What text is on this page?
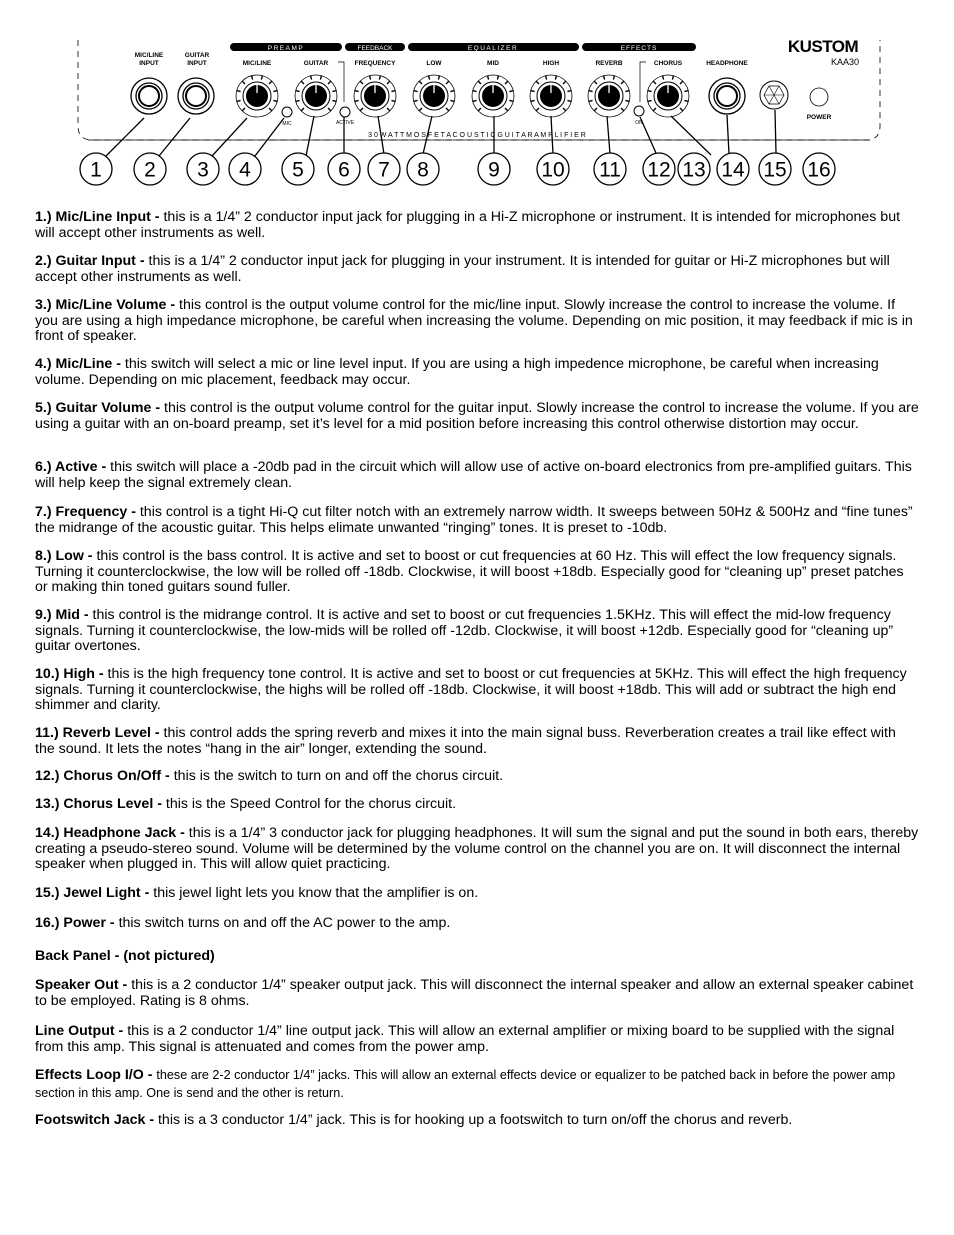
KUSTOM
KAA30
PREAMP	FEEDBACK	EQUALIZER	EFFECTS
MIC/LINE INPUT
GUITAR INPUT	MIC/LINE	GUITAR	FREQUENCY	LOW	MID	HIGH	REVERB	CHORUS	HEADPHONE
MIC	ACTIVE	ON
POWER
3 0 W A T T M O S F E T A C O U S T I C G U I T A R A M P L I F I E R
1 2 3 4 5 6 7 8	9 10 11 12 13 14 15 16

1.) Mic/Line Input - this is a 1/4” 2 conductor input jack for plugging in a Hi-Z microphone or instrument. It is intended for microphones but will accept other instruments as well.

2.) Guitar Input - this is a 1/4” 2 conductor input jack for plugging in your instrument. It is intended for guitar or Hi-Z microphones but will accept other instruments as well.

3.) Mic/Line Volume - this control is the output volume control for the mic/line input. Slowly increase the control to increase the volume. If you are using a high impedance microphone, be careful when increasing the volume. Depending on mic position, it may feedback if mic is in front of speaker.

4.) Mic/Line - this switch will select a mic or line level input. If you are using a high impedence microphone, be careful when increasing volume. Depending on mic placement, feedback may occur.

5.) Guitar Volume - this control is the output volume control for the guitar input. Slowly increase the control to increase the volume. If you are using a guitar with an on-board preamp, set it’s level for a mid position before increasing this control otherwise distortion may occur.

6.) Active - this switch will place a -20db pad in the circuit which will allow use of active on-board electronics from pre-amplified guitars. This will help keep the signal extremely clean.

7.) Frequency - this control is a tight Hi-Q cut filter notch with an extremely narrow width. It sweeps between 50Hz & 500Hz and “fine tunes” the midrange of the acoustic guitar. This helps elimate unwanted “ringing” tones. It is preset to -10db.

8.) Low - this control is the bass control. It is active and set to boost or cut frequencies at 60 Hz. This will effect the low frequency signals. Turning it counterclockwise, the low will be rolled off -18db. Clockwise, it will boost +18db. Especially good for “cleaning up” preset patches or making thin toned guitars sound fuller.

9.) Mid - this control is the midrange control. It is active and set to boost or cut frequencies 1.5KHz. This will effect the mid-low frequency signals. Turning it counterclockwise, the low-mids will be rolled off -12db. Clockwise, it will boost +12db. Especially good for “cleaning up” guitar overtones.

10.) High - this is the high frequency tone control. It is active and set to boost or cut frequencies at 5KHz. This will effect the high frequency signals. Turning it counterclockwise, the highs will be rolled off -18db. Clockwise, it will boost +18db. This will add or subtract the high end shimmer and clarity.

11.) Reverb Level - this control adds the spring reverb and mixes it into the main signal buss. Reverberation creates a trail like effect with the sound. It lets the notes “hang in the air” longer, extending the sound.

12.) Chorus On/Off - this is the switch to turn on and off the chorus circuit.

13.) Chorus Level - this is the Speed Control for the chorus circuit.

14.) Headphone Jack - this is a 1/4” 3 conductor jack for plugging headphones. It will sum the signal and put the sound in both ears, thereby creating a pseudo-stereo sound. Volume will be determined by the volume control on the channel you are on. It will disconnect the internal speaker when plugged in. This will allow quiet practicing.

15.) Jewel Light - this jewel light lets you know that the amplifier is on.

16.) Power - this switch turns on and off the AC power to the amp.

Back Panel - (not pictured)

Speaker Out - this is a 2 conductor 1/4” speaker output jack. This will disconnect the internal speaker and allow an external speaker cabinet to be employed. Rating is 8 ohms.

Line Output - this is a 2 conductor 1/4” line output jack. This will allow an external amplifier or mixing board to be supplied with the signal from this amp. This signal is attenuated and comes from the power amp.

Effects Loop I/O - these are 2-2 conductor 1/4” jacks. This will allow an external effects device or equalizer to be patched back in before the power amp section in this amp. One is send and the other is return.

Footswitch Jack - this is a 3 conductor 1/4” jack. This is for hooking up a footswitch to turn on/off the chorus and reverb.
